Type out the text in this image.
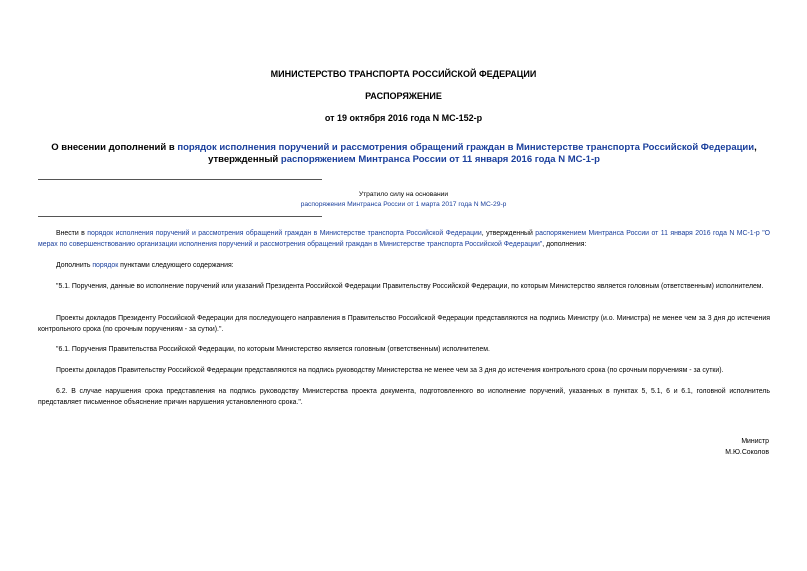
МИНИСТЕРСТВО ТРАНСПОРТА РОССИЙСКОЙ ФЕДЕРАЦИИ
РАСПОРЯЖЕНИЕ
от 19 октября 2016 года N МС-152-р
О внесении дополнений в порядок исполнения поручений и рассмотрения обращений граждан в Министерстве транспорта Российской Федерации, утвержденный распоряжением Минтранса России от 11 января 2016 года N МС-1-р
Утратило силу на основании
распоряжения Минтранса России от 1 марта 2017 года N МС-29-р
Внести в порядок исполнения поручений и рассмотрения обращений граждан в Министерстве транспорта Российской Федерации, утвержденный распоряжением Минтранса России от 11 января 2016 года N МС-1-р "О мерах по совершенствованию организации исполнения поручений и рассмотрения обращений граждан в Министерстве транспорта Российской Федерации", дополнения:
Дополнить порядок пунктами следующего содержания:
"5.1. Поручения, данные во исполнение поручений или указаний Президента Российской Федерации Правительству Российской Федерации, по которым Министерство является головным (ответственным) исполнителем.
Проекты докладов Президенту Российской Федерации для последующего направления в Правительство Российской Федерации представляются на подпись Министру (и.о. Министра) не менее чем за 3 дня до истечения контрольного срока (по срочным поручениям - за сутки).".
"6.1. Поручения Правительства Российской Федерации, по которым Министерство является головным (ответственным) исполнителем.
Проекты докладов Правительству Российской Федерации представляются на подпись руководству Министерства не менее чем за 3 дня до истечения контрольного срока (по срочным поручениям - за сутки).
6.2. В случае нарушения срока представления на подпись руководству Министерства проекта документа, подготовленного во исполнение поручений, указанных в пунктах 5, 5.1, 6 и 6.1, головной исполнитель представляет письменное объяснение причин нарушения установленного срока.".
Министр
М.Ю.Соколов
